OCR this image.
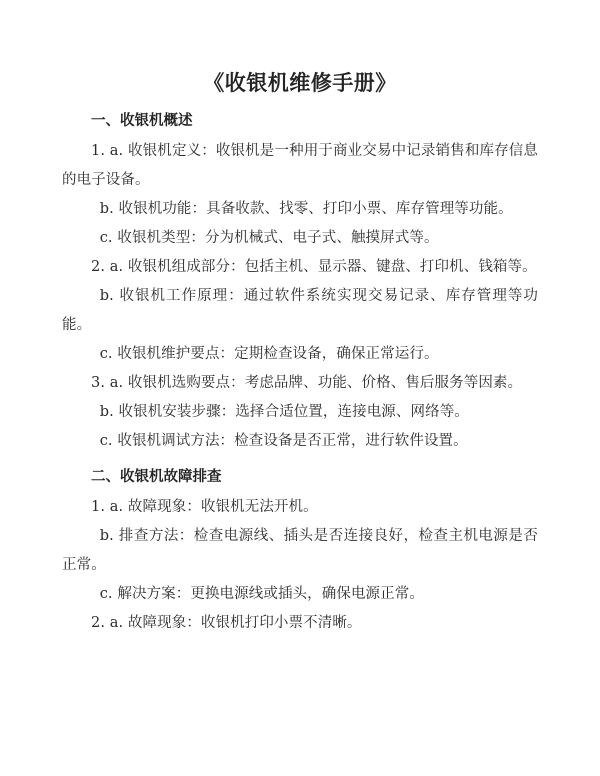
《收银机维修手册》
一、收银机概述

1. a. 收银机定义：收银机是一种用于商业交易中记录销售和库存信息的电子设备。

b. 收银机功能：具备收款、找零、打印小票、库存管理等功能。

c. 收银机类型：分为机械式、电子式、触摸屏式等。

2. a. 收银机组成部分：包括主机、显示器、键盘、打印机、钱箱等。

b. 收银机工作原理：通过软件系统实现交易记录、库存管理等功能。

c. 收银机维护要点：定期检查设备，确保正常运行。

3. a. 收银机选购要点：考虑品牌、功能、价格、售后服务等因素。

b. 收银机安装步骤：选择合适位置，连接电源、网络等。

c. 收银机调试方法：检查设备是否正常，进行软件设置。

二、收银机故障排查

1. a. 故障现象：收银机无法开机。

b. 排查方法：检查电源线、插头是否连接良好，检查主机电源是否正常。

c. 解决方案：更换电源线或插头，确保电源正常。

2. a. 故障现象：收银机打印小票不清晰。
